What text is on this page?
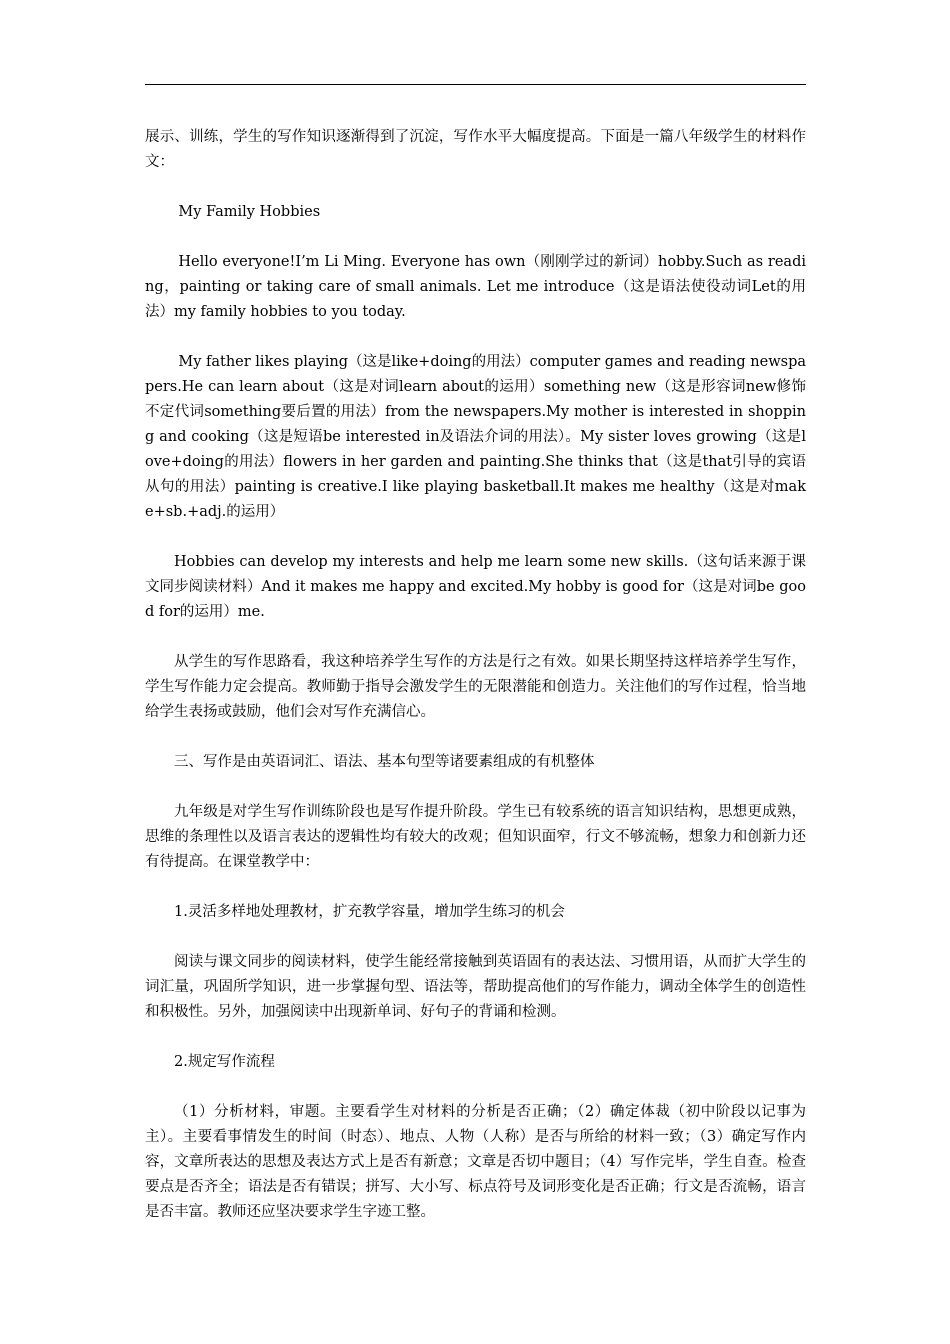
展示、训练，学生的写作知识逐渐得到了沉淀，写作水平大幅度提高。下面是一篇八年级学生的材料作文：

My Family Hobbies

Hello everyone!I’m Li Ming. Everyone has own（刚刚学过的新词）hobby.Such as reading，painting or taking care of small animals. Let me introduce（这是语法使役动词Let的用法）my family hobbies to you today.

My father likes playing（这是like+doing的用法）computer games and reading newspapers.He can learn about（这是对词learn about的运用）something new（这是形容词new修饰不定代词something要后置的用法）from the newspapers.My mother is interested in shopping and cooking（这是短语be interested in及语法介词的用法）。My sister loves growing（这是love+doing的用法）flowers in her garden and painting.She thinks that（这是that引导的宾语从句的用法）painting is creative.I like playing basketball.It makes me healthy（这是对make+sb.+adj.的运用）

Hobbies can develop my interests and help me learn some new skills.（这句话来源于课文同步阅读材料）And it makes me happy and excited.My hobby is good for（这是对词be good for的运用）me.

从学生的写作思路看，我这种培养学生写作的方法是行之有效。如果长期坚持这样培养学生写作，学生写作能力定会提高。教师勤于指导会激发学生的无限潜能和创造力。关注他们的写作过程，恰当地给学生表扬或鼓励，他们会对写作充满信心。

三、写作是由英语词汇、语法、基本句型等诸要素组成的有机整体

九年级是对学生写作训练阶段也是写作提升阶段。学生已有较系统的语言知识结构，思想更成熟，思维的条理性以及语言表达的逻辑性均有较大的改观；但知识面窄，行文不够流畅，想象力和创新力还有待提高。在课堂教学中：

1.灵活多样地处理教材，扩充教学容量，增加学生练习的机会

阅读与课文同步的阅读材料，使学生能经常接触到英语固有的表达法、习惯用语，从而扩大学生的词汇量，巩固所学知识，进一步掌握句型、语法等，帮助提高他们的写作能力，调动全体学生的创造性和积极性。另外，加强阅读中出现新单词、好句子的背诵和检测。

2.规定写作流程

（1）分析材料，审题。主要看学生对材料的分析是否正确；（2）确定体裁（初中阶段以记事为主）。主要看事情发生的时间（时态）、地点、人物（人称）是否与所给的材料一致；（3）确定写作内容，文章所表达的思想及表达方式上是否有新意；文章是否切中题目；（4）写作完毕，学生自查。检查要点是否齐全；语法是否有错误；拼写、大小写、标点符号及词形变化是否正确；行文是否流畅，语言是否丰富。教师还应坚决要求学生字迹工整。
